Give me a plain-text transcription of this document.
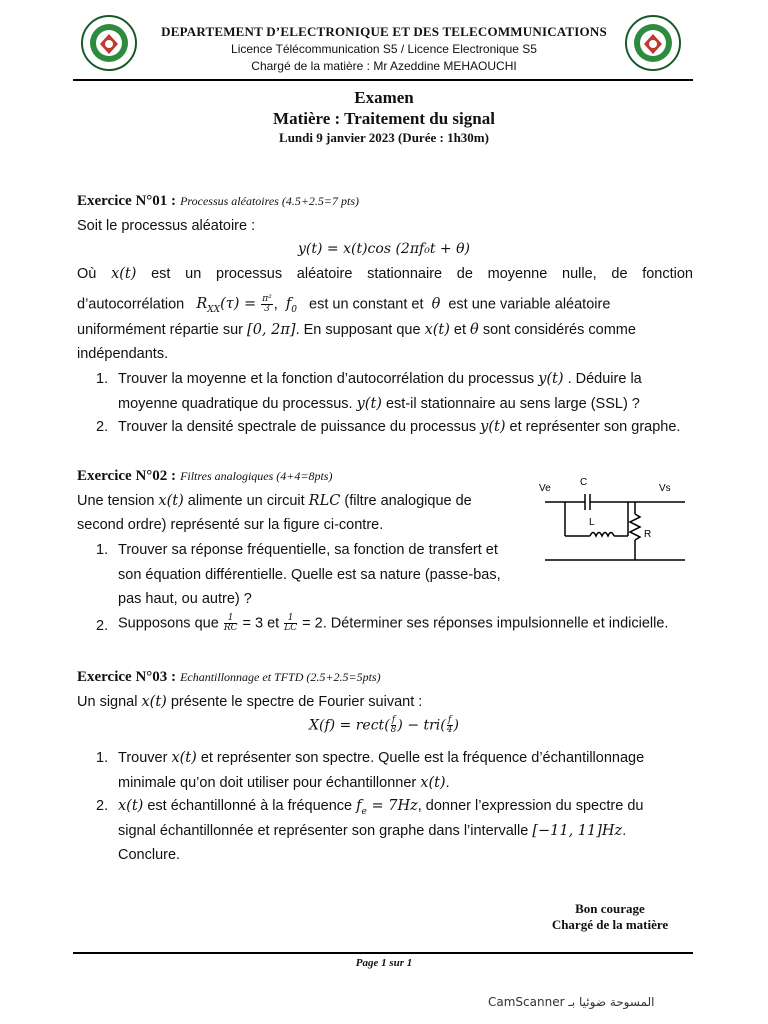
DEPARTEMENT D’ELECTRONIQUE ET DES TELECOMMUNICATIONS
Licence Télécommunication S5 / Licence Electronique S5
Chargé de la matière : Mr Azeddine MEHAOUCHI
Examen
Matière : Traitement du signal
Lundi 9 janvier 2023 (Durée : 1h30m)
Exercice N°01 : Processus aléatoires (4.5+2.5=7 pts)
Soit le processus aléatoire :
y(t) = x(t)cos (2πf₀t + θ)
Où x(t) est un processus aléatoire stationnaire de moyenne nulle, de fonction
d’autocorrélation $R_{XX}(\tau) = \frac{\text{π²}}{3}$ ,  $f_0$ est un constant et θ est une variable aléatoire
uniformément répartie sur [0, 2π]. En supposant que x(t) et θ sont considérés comme
indépendants.
1. Trouver la moyenne et la fonction d’autocorrélation du processus y(t) . Déduire la
moyenne quadratique du processus. y(t) est-il stationnaire au sens large (SSL) ?
2. Trouver la densité spectrale de puissance du processus y(t) et représenter son graphe.
Exercice N°02 : Filtres analogiques (4+4=8pts)
Une tension x(t) alimente un circuit RLC (filtre analogique de
second ordre) représenté sur la figure ci-contre.
1. Trouver sa réponse fréquentielle, sa fonction de transfert et
son équation différentielle. Quelle est sa nature (passe-bas,
pas haut, ou autre) ?
2. Supposons que $\frac{1}{RC} = 3$ et $\frac{1}{LC} = 2$. Déterminer ses réponses impulsionnelle et indicielle.
Ve	Vs
C
L
R
Exercice N°03 : Echantillonnage et TFTD (2.5+2.5=5pts)
Un signal x(t) présente le spectre de Fourier suivant :
X(f) = rect( $\frac{f}{8}$ ) − $tri( \frac{f}{4}$ )
1. Trouver x(t) et représenter son spectre. Quelle est la fréquence d’échantillonnage
minimale qu’on doit utiliser pour échantillonner x(t).
2. x(t) est échantillonné à la fréquence $f_e = 7Hz$, donner l’expression du spectre du
signal échantillonnée et représenter son graphe dans l’intervalle [−11, 11]Hz.
Conclure.
Bon courage
Chargé de la matière
Page 1 sur 1
CamScanner المسوحة ضوئيا بـ
